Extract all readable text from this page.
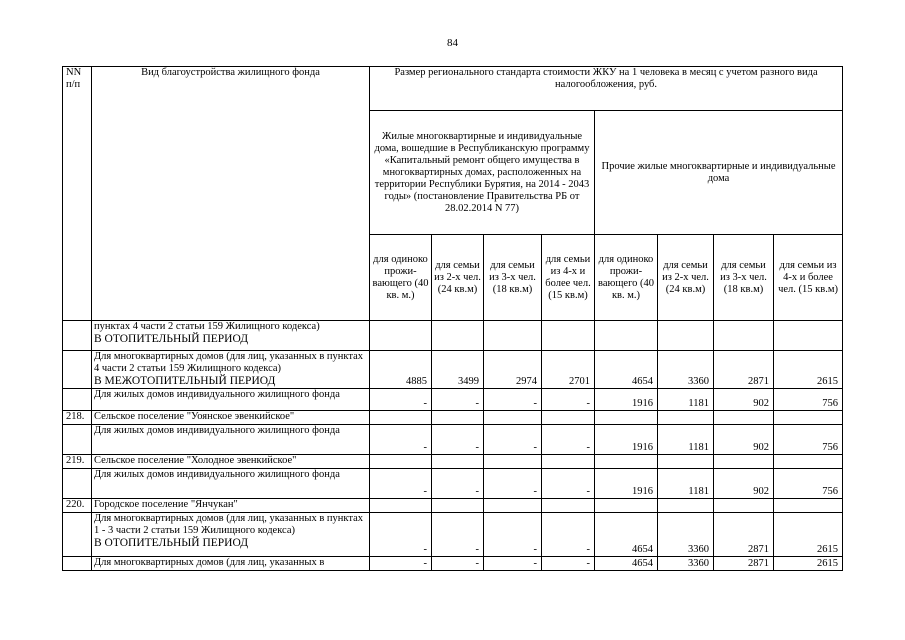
84
NN п/п	Вид благоустройства жилищного фонда	Размер регионального стандарта стоимости ЖКУ на 1 человека в месяц с учетом разного вида налогообложения, руб.							
		Жилые многоквартирные и индивидуальные дома, вошедшие в Республиканскую программу «Капитальный ремонт общего имущества в многоквартирных домах, расположенных на территории Республики Бурятия, на 2014 - 2043 годы» (постановление Правительства РБ от 28.02.2014 N 77)				Прочие жилые многоквартирные и индивидуальные дома			
		для одиноко прожи-вающего (40 кв. м.)	для семьи из 2-х чел. (24 кв.м)	для семьи из 3-х чел. (18 кв.м)	для семьи из 4-х и более чел. (15 кв.м)	для одиноко прожи-вающего (40 кв. м.)	для семьи из 2-х чел. (24 кв.м)	для семьи из 3-х чел. (18 кв.м)	для семьи из 4-х и более чел. (15 кв.м)
	пунктах 4 части 2 статьи 159 Жилищного кодекса)
В ОТОПИТЕЛЬНЫЙ ПЕРИОД								
	Для многоквартирных домов (для лиц, указанных в пунктах 4 части 2 статьи 159 Жилищного кодекса)
В МЕЖОТОПИТЕЛЬНЫЙ ПЕРИОД	4885	3499	2974	2701	4654	3360	2871	2615
	Для жилых домов индивидуального жилищного фонда	-	-	-	-	1916	1181	902	756
218.	Сельское поселение "Уоянское эвенкийское"								
	Для жилых домов индивидуального жилищного фонда	-	-	-	-	1916	1181	902	756
219.	Сельское поселение "Холодное эвенкийское"								
	Для жилых домов индивидуального жилищного фонда	-	-	-	-	1916	1181	902	756
220.	Городское поселение "Янчукан"								
	Для многоквартирных домов (для лиц, указанных в пунктах 1 - 3 части 2 статьи 159 Жилищного кодекса)
В ОТОПИТЕЛЬНЫЙ ПЕРИОД	-	-	-	-	4654	3360	2871	2615
	Для многоквартирных домов (для лиц, указанных в	-	-	-	-	4654	3360	2871	2615
